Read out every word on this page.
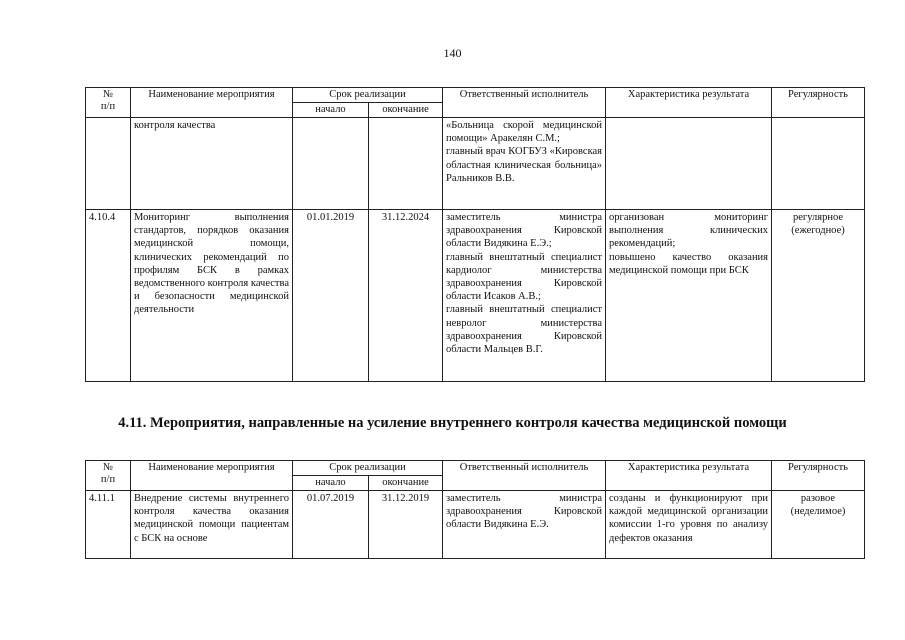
140
№
п/п	Наименование мероприятия	Срок реализации		Ответственный исполнитель	Характеристика результата	Регулярность
		начало	окончание			
	контроля качества			«Больница скорой медицинской помощи» Аракелян С.М.;
главный врач КОГБУЗ «Кировская областная клиническая больница» Ральников В.В.		
4.10.4	Мониторинг выполнения стандартов, порядков оказания медицинской помощи, клинических рекомендаций по профилям БСК в рамках ведомственного контроля качества и безопасности медицинской деятельности	01.01.2019	31.12.2024	заместитель министра здравоохранения Кировской области Видякина Е.Э.;
главный внештатный специалист кардиолог министерства здравоохранения Кировской области Исаков А.В.;
главный внештатный специалист невролог министерства здравоохранения Кировской области Мальцев В.Г.	организован мониторинг выполнения клинических рекомендаций;
повышено качество оказания медицинской помощи при БСК	регулярное (ежегодное)
4.11. Мероприятия, направленные на усиление внутреннего контроля качества медицинской помощи
№
п/п	Наименование мероприятия	Срок реализации		Ответственный исполнитель	Характеристика результата	Регулярность
		начало	окончание			
4.11.1	Внедрение системы внутреннего контроля качества оказания медицинской помощи пациентам с БСК на основе	01.07.2019	31.12.2019	заместитель министра здравоохранения Кировской области Видякина Е.Э.	созданы и функционируют при каждой медицинской организации комиссии 1-го уровня по анализу дефектов оказания	разовое (неделимое)
